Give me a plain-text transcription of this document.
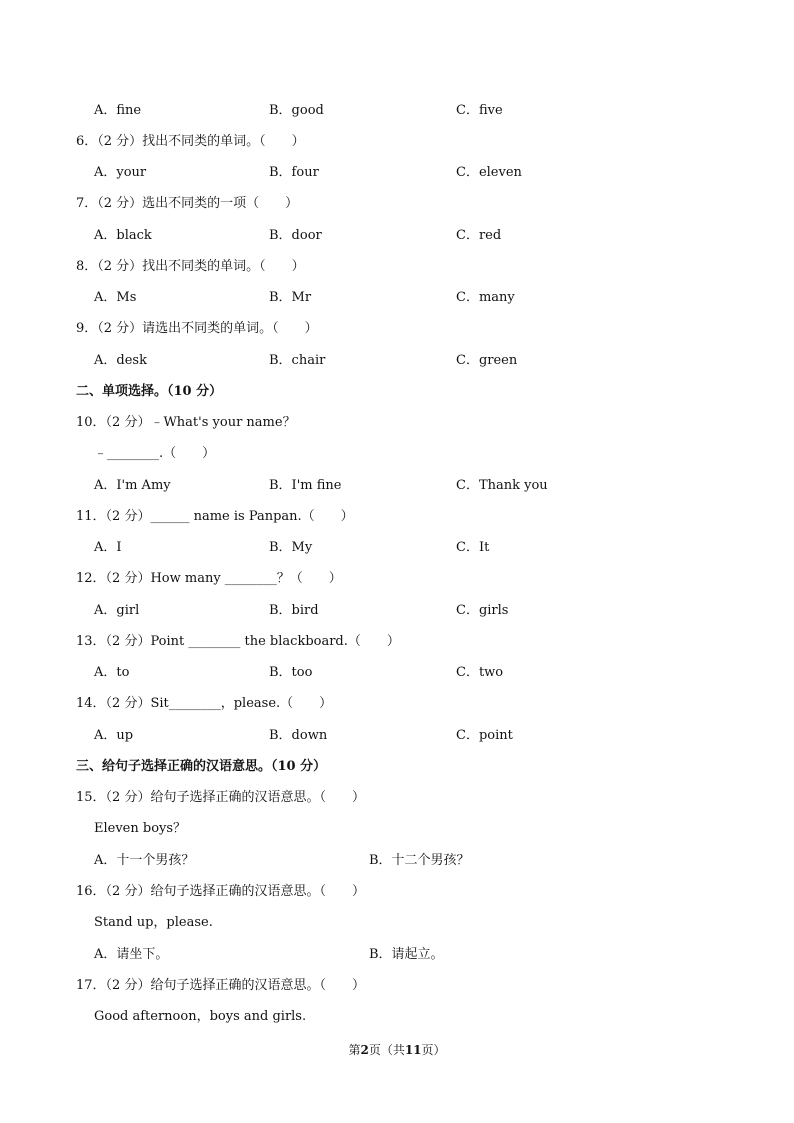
A．fine	B．good	C．five
6．（2 分）找出不同类的单词。（　　）
A．your	B．four	C．eleven
7．（2 分）选出不同类的一项（　　）
A．black	B．door	C．red
8．（2 分）找出不同类的单词。（　　）
A．Ms	B．Mr	C．many
9．（2 分）请选出不同类的单词。（　　）
A．desk	B．chair	C．green
二、单项选择。（10 分）
10．（2 分）﹣What's your name？
﹣________.（　　）
A．I'm Amy	B．I'm fine	C．Thank you
11．（2 分）______ name is Panpan.（　　）
A．I	B．My	C．It
12．（2 分）How many ________？（　　）
A．girl	B．bird	C．girls
13．（2 分）Point ________ the blackboard.（　　）
A．to	B．too	C．two
14．（2 分）Sit________，please.（　　）
A．up	B．down	C．point
三、给句子选择正确的汉语意思。（10 分）
15．（2 分）给句子选择正确的汉语意思。（　　）
Eleven boys？
A．十一个男孩？	B．十二个男孩？
16．（2 分）给句子选择正确的汉语意思。（　　）
Stand up，please.
A．请坐下。	B．请起立。
17．（2 分）给句子选择正确的汉语意思。（　　）
Good afternoon，boys and girls.
第2页（共11页）
